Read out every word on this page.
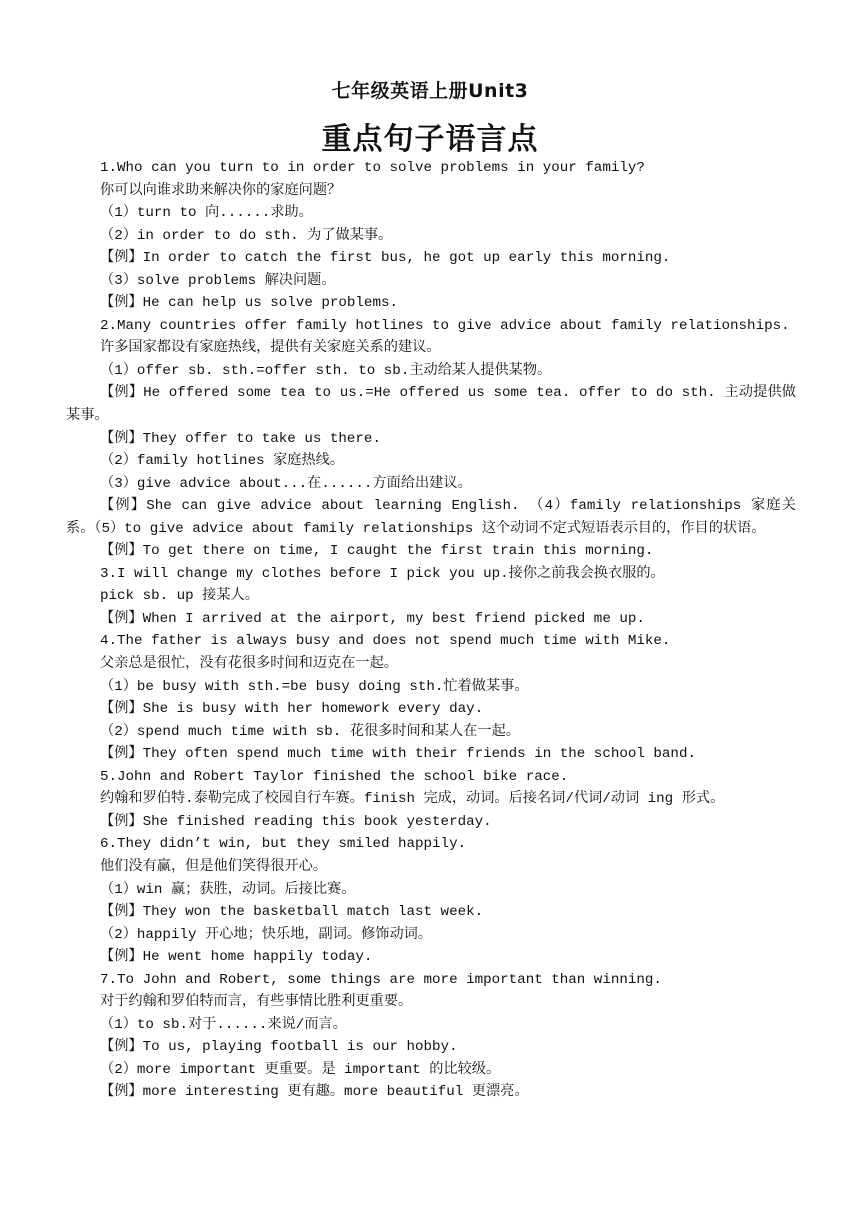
七年级英语上册Unit3
重点句子语言点

1.Who can you turn to in order to solve problems in your family?

你可以向谁求助来解决你的家庭问题？

（1）turn to 向......求助。

（2）in order to do sth. 为了做某事。

【例】In order to catch the first bus, he got up early this morning.

（3）solve problems 解决问题。

【例】He can help us solve problems.

2.Many countries offer family hotlines to give advice about family relationships.

许多国家都设有家庭热线，提供有关家庭关系的建议。

（1）offer sb. sth.=offer sth. to sb.主动给某人提供某物。

【例】He offered some tea to us.=He offered us some tea. offer to do sth. 主动提供做某事。

【例】They offer to take us there.

（2）family hotlines 家庭热线。

（3）give advice about...在......方面给出建议。

【例】She can give advice about learning English. （4）family relationships 家庭关系。（5）to give advice about family relationships 这个动词不定式短语表示目的，作目的状语。

【例】To get there on time, I caught the first train this morning.

3.I will change my clothes before I pick you up.接你之前我会换衣服的。

pick sb. up 接某人。

【例】When I arrived at the airport, my best friend picked me up.

4.The father is always busy and does not spend much time with Mike.

父亲总是很忙，没有花很多时间和迈克在一起。

（1）be busy with sth.=be busy doing sth.忙着做某事。

【例】She is busy with her homework every day.

（2）spend much time with sb. 花很多时间和某人在一起。

【例】They often spend much time with their friends in the school band.

5.John and Robert Taylor finished the school bike race.

约翰和罗伯特.泰勒完成了校园自行车赛。finish 完成，动词。后接名词/代词/动词 ing 形式。

【例】She finished reading this book yesterday.

6.They didn’t win, but they smiled happily.

他们没有赢，但是他们笑得很开心。

（1）win 赢；获胜，动词。后接比赛。

【例】They won the basketball match last week.

（2）happily 开心地；快乐地，副词。修饰动词。

【例】He went home happily today.

7.To John and Robert, some things are more important than winning.

对于约翰和罗伯特而言，有些事情比胜利更重要。

（1）to sb.对于......来说/而言。

【例】To us, playing football is our hobby.

（2）more important 更重要。是 important 的比较级。

【例】more interesting 更有趣。more beautiful 更漂亮。
